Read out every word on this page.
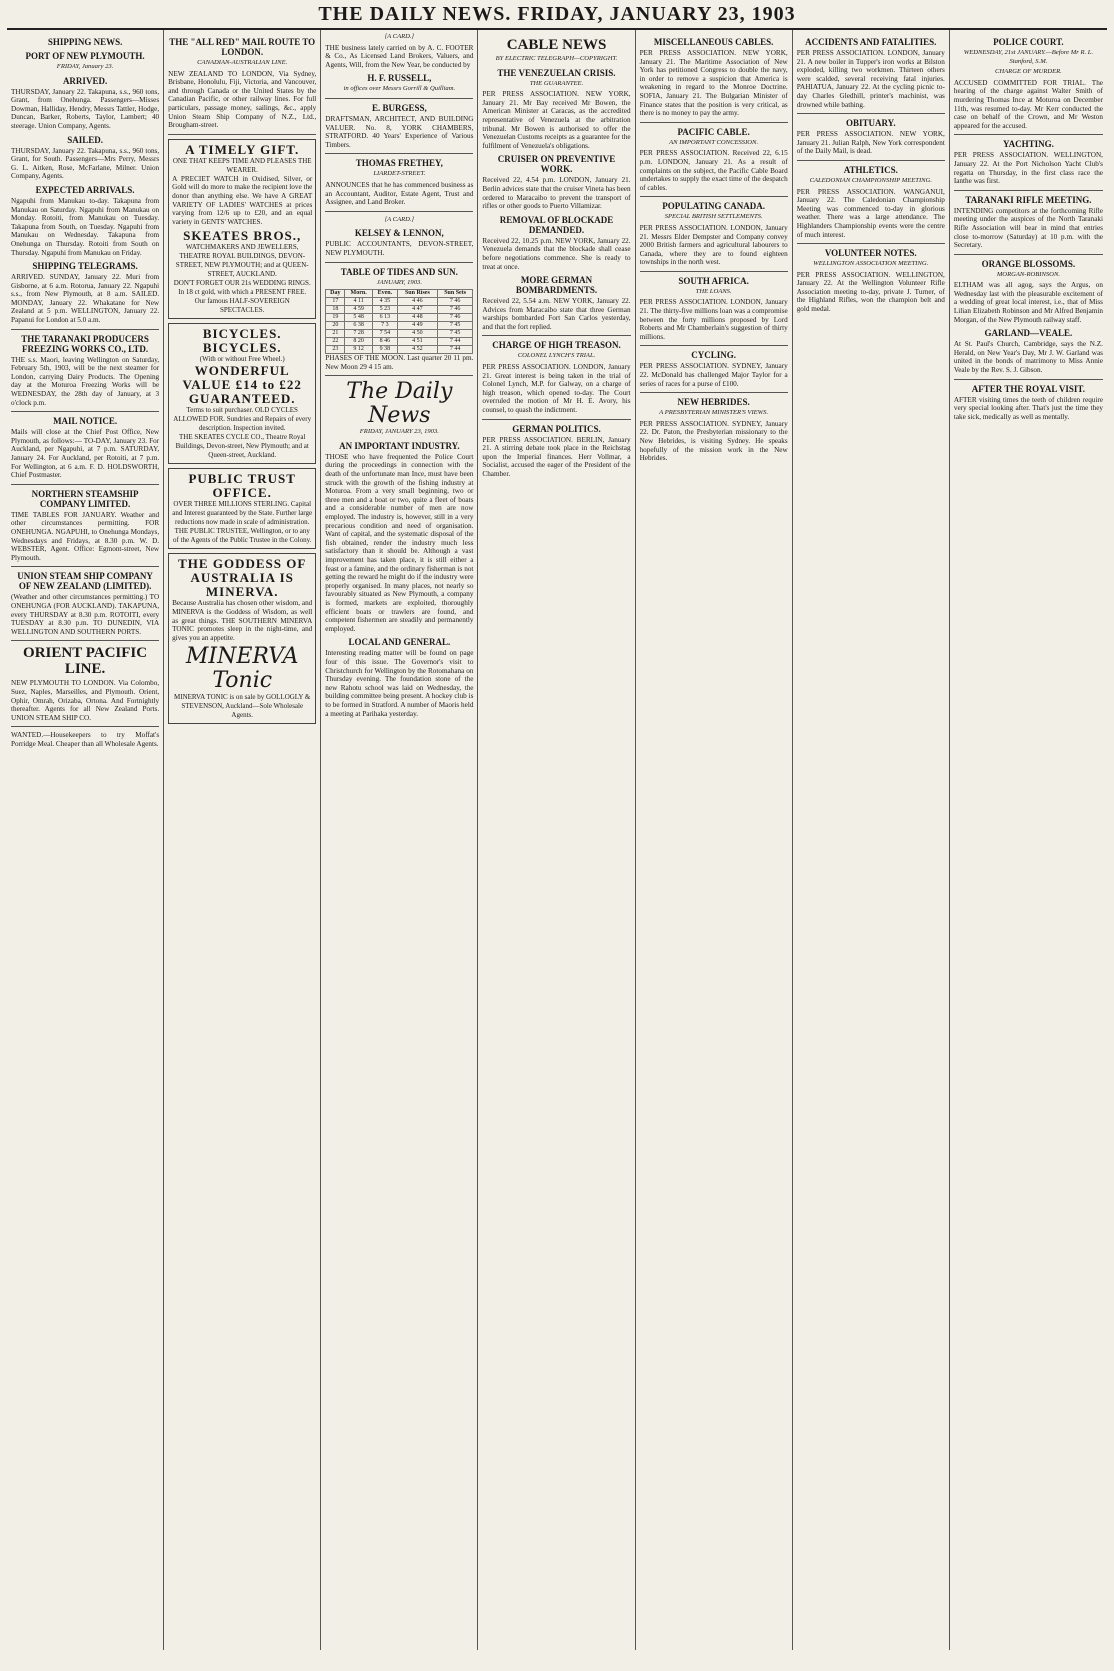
THE DAILY NEWS. FRIDAY, JANUARY 23, 1903
SHIPPING NEWS.
PORT OF NEW PLYMOUTH.
FRIDAY, January 23.
ARRIVED.

THURSDAY, January 22. Takapuna, s.s., 960 tons, Grant, from Onehunga. Passengers—Misses Dowman, Halliday, Hendry, Messrs Tattler, Hodge, Duncan, Barker, Roberts, Taylor, Lambert; 40 steerage. Union Company, Agents.

SAILED.

THURSDAY, January 22. Takapuna, s.s., 960 tons, Grant, for South. Passengers—Mrs Perry, Messrs G. L. Aitken, Rose, McFarlane, Milner. Union Company, Agents.

EXPECTED ARRIVALS.

Ngapuhi from Manukau to-day. Takapuna from Manukau on Saturday. Ngapuhi from Manukau on Monday. Rotoiti, from Manukau on Tuesday. Takapuna from South, on Tuesday. Ngapuhi from Manukau on Wednesday. Takapuna from Onehunga on Thursday. Rotoiti from South on Thursday. Ngapuhi from Manukau on Friday.

SHIPPING TELEGRAMS.

ARRIVED. SUNDAY, January 22. Muri from Gisborne, at 6 a.m. Rotorua, January 22. Ngapuhi s.s., from New Plymouth, at 8 a.m. SAILED. MONDAY, January 22. Whakatane for New Zealand at 5 p.m. WELLINGTON, January 22. Papanui for London at 5.0 a.m.

THE TARANAKI PRODUCERS FREEZING WORKS CO., LTD.

THE s.s. Maori, leaving Wellington on Saturday, February 5th, 1903, will be the next steamer for London, carrying Dairy Products. The Opening day at the Moturoa Freezing Works will be WEDNESDAY, the 28th day of January, at 3 o'clock p.m.

MAIL NOTICE.

Mails will close at the Chief Post Office, New Plymouth, as follows:— TO-DAY, January 23. For Auckland, per Ngapuhi, at 7 p.m. SATURDAY, January 24. For Auckland, per Rotoiti, at 7 p.m. For Wellington, at 6 a.m. F. D. HOLDSWORTH, Chief Postmaster.

NORTHERN STEAMSHIP COMPANY LIMITED.

TIME TABLES FOR JANUARY. Weather and other circumstances permitting. FOR ONEHUNGA. NGAPUHI, to Onehunga Mondays, Wednesdays and Fridays, at 8.30 p.m. W. D. WEBSTER, Agent. Office: Egmont-street, New Plymouth.

UNION STEAM SHIP COMPANY OF NEW ZEALAND (LIMITED).

(Weather and other circumstances permitting.) TO ONEHUNGA (FOR AUCKLAND). TAKAPUNA, every THURSDAY at 8.30 p.m. ROTOITI, every TUESDAY at 8.30 p.m. TO DUNEDIN, VIA WELLINGTON AND SOUTHERN PORTS.

ORIENT PACIFIC LINE.

NEW PLYMOUTH TO LONDON. Via Colombo, Suez, Naples, Marseilles, and Plymouth. Orient, Ophir, Omrah, Orizaba, Ortona. And Fortnightly thereafter. Agents for all New Zealand Ports. UNION STEAM SHIP CO.

WANTED.—Housekeepers to try Moffat's Porridge Meal. Cheaper than all Wholesale Agents.

THE "ALL RED" MAIL ROUTE TO LONDON.
CANADIAN-AUSTRALIAN LINE.

NEW ZEALAND TO LONDON, Via Sydney, Brisbane, Honolulu, Fiji, Victoria, and Vancouver, and through Canada or the United States by the Canadian Pacific, or other railway lines. For full particulars, passage money, sailings, &c., apply Union Steam Ship Company of N.Z., Ltd., Brougham-street.

A TIMELY GIFT.
ONE THAT KEEPS TIME AND PLEASES THE WEARER.

A PRECIET WATCH in Oxidised, Silver, or Gold will do more to make the recipient love the donor than anything else. We have A GREAT VARIETY OF LADIES' WATCHES at prices varying from 12/6 up to £20, and an equal variety in GENTS' WATCHES.

SKEATES BROS.,
WATCHMAKERS AND JEWELLERS,
THEATRE ROYAL BUILDINGS, DEVON-STREET, NEW PLYMOUTH; and at QUEEN-STREET, AUCKLAND.
DON'T FORGET OUR 21s WEDDING RINGS. In 18 ct gold, with which a PRESENT FREE. Our famous HALF-SOVEREIGN SPECTACLES.
BICYCLES. BICYCLES.
(With or without Free Wheel.)
WONDERFUL VALUE £14 to £22 GUARANTEED.
Terms to suit purchaser. OLD CYCLES ALLOWED FOR. Sundries and Repairs of every description. Inspection invited.
THE SKEATES CYCLE CO., Theatre Royal Buildings, Devon-street, New Plymouth; and at Queen-street, Auckland.
PUBLIC TRUST OFFICE.
OVER THREE MILLIONS STERLING. Capital and Interest guaranteed by the State. Further large reductions now made in scale of administration. THE PUBLIC TRUSTEE, Wellington, or to any of the Agents of the Public Trustee in the Colony.
THE GODDESS OF AUSTRALIA IS MINERVA.

Because Australia has chosen other wisdom, and MINERVA is the Goddess of Wisdom, as well as great things. THE SOUTHERN MINERVA TONIC promotes sleep in the night-time, and gives you an appetite.

MINERVA Tonic
MINERVA TONIC is on sale by GOLLOGLY & STEVENSON, Auckland—Sole Wholesale Agents.
[A CARD.]

THE business lately carried on by A. C. FOOTER & Co., As Licensed Land Brokers, Valuers, and Agents, Will, from the New Year, be conducted by

H. F. RUSSELL,
in offices over Messrs Gorrill & Quilliam.
E. BURGESS,

DRAFTSMAN, ARCHITECT, AND BUILDING VALUER. No. 8, YORK CHAMBERS, STRATFORD. 40 Years' Experience of Various Timbers.

THOMAS FRETHEY,
LIARDET-STREET.

ANNOUNCES that he has commenced business as an Accountant, Auditor, Estate Agent, Trust and Assignee, and Land Broker.

[A CARD.]
KELSEY & LENNON,

PUBLIC ACCOUNTANTS, DEVON-STREET, NEW PLYMOUTH.

TABLE OF TIDES AND SUN.
JANUARY, 1903.
Day	Morn.	Even.	Sun Rises	Sun Sets
17	4 11	4 35	4 46	7 46
18	4 59	5 23	4 47	7 46
19	5 48	6 13	4 48	7 46
20	6 38	7 3	4 49	7 45
21	7 28	7 54	4 50	7 45
22	8 20	8 46	4 51	7 44
23	9 12	9 38	4 52	7 44

PHASES OF THE MOON. Last quarter 20 11 pm. New Moon 29 4 15 am.

The Daily News
FRIDAY, JANUARY 23, 1903.
AN IMPORTANT INDUSTRY.

THOSE who have frequented the Police Court during the proceedings in connection with the death of the unfortunate man Ince, must have been struck with the growth of the fishing industry at Moturoa. From a very small beginning, two or three men and a boat or two, quite a fleet of boats and a considerable number of men are now employed. The industry is, however, still in a very precarious condition and need of organisation. Want of capital, and the systematic disposal of the fish obtained, render the industry much less satisfactory than it should be. Although a vast improvement has taken place, it is still either a feast or a famine, and the ordinary fisherman is not getting the reward he might do if the industry were properly organised. In many places, not nearly so favourably situated as New Plymouth, a company is formed, markets are exploited, thoroughly efficient boats or trawlers are found, and competent fishermen are steadily and permanently employed.

LOCAL AND GENERAL.

Interesting reading matter will be found on page four of this issue. The Governor's visit to Christchurch for Wellington by the Rotomahana on Thursday evening. The foundation stone of the new Rahotu school was laid on Wednesday, the building committee being present. A hockey club is to be formed in Stratford. A number of Maoris held a meeting at Parihaka yesterday.

CABLE NEWS
BY ELECTRIC TELEGRAPH—COPYRIGHT.
THE VENEZUELAN CRISIS.
THE GUARANTEE.

PER PRESS ASSOCIATION. NEW YORK, January 21. Mr Bay received Mr Bowen, the American Minister at Caracas, as the accredited representative of Venezuela at the arbitration tribunal. Mr Bowen is authorised to offer the Venezuelan Customs receipts as a guarantee for the fulfilment of Venezuela's obligations.

CRUISER ON PREVENTIVE WORK.

Received 22, 4.54 p.m. LONDON, January 21. Berlin advices state that the cruiser Vineta has been ordered to Maracaibo to prevent the transport of rifles or other goods to Puerto Villamizar.

REMOVAL OF BLOCKADE DEMANDED.

Received 22, 10.25 p.m. NEW YORK, January 22. Venezuela demands that the blockade shall cease before negotiations commence. She is ready to treat at once.

MORE GERMAN BOMBARDMENTS.

Received 22, 5.54 a.m. NEW YORK, January 22. Advices from Maracaibo state that three German warships bombarded Fort San Carlos yesterday, and that the fort replied.

CHARGE OF HIGH TREASON.
COLONEL LYNCH'S TRIAL.

PER PRESS ASSOCIATION. LONDON, January 21. Great interest is being taken in the trial of Colonel Lynch, M.P. for Galway, on a charge of high treason, which opened to-day. The Court overruled the motion of Mr H. E. Avory, his counsel, to quash the indictment.

GERMAN POLITICS.

PER PRESS ASSOCIATION. BERLIN, January 21. A stirring debate took place in the Reichstag upon the Imperial finances. Herr Vollmar, a Socialist, accused the eager of the President of the Chamber.

MISCELLANEOUS CABLES.

PER PRESS ASSOCIATION. NEW YORK, January 21. The Maritime Association of New York has petitioned Congress to double the navy, in order to remove a suspicion that America is weakening in regard to the Monroe Doctrine. SOFIA, January 21. The Bulgarian Minister of Finance states that the position is very critical, as there is no money to pay the army.

PACIFIC CABLE.
AN IMPORTANT CONCESSION.

PER PRESS ASSOCIATION. Received 22, 6.15 p.m. LONDON, January 21. As a result of complaints on the subject, the Pacific Cable Board undertakes to supply the exact time of the despatch of cables.

POPULATING CANADA.
SPECIAL BRITISH SETTLEMENTS.

PER PRESS ASSOCIATION. LONDON, January 21. Messrs Elder Dempster and Company convey 2000 British farmers and agricultural labourers to Canada, where they are to found eighteen townships in the north west.

SOUTH AFRICA.
THE LOANS.

PER PRESS ASSOCIATION. LONDON, January 21. The thirty-five millions loan was a compromise between the forty millions proposed by Lord Roberts and Mr Chamberlain's suggestion of thirty millions.

CYCLING.

PER PRESS ASSOCIATION. SYDNEY, January 22. McDonald has challenged Major Taylor for a series of races for a purse of £100.

NEW HEBRIDES.
A PRESBYTERIAN MINISTER'S VIEWS.

PER PRESS ASSOCIATION. SYDNEY, January 22. Dr. Paton, the Presbyterian missionary to the New Hebrides, is visiting Sydney. He speaks hopefully of the mission work in the New Hebrides.

ACCIDENTS AND FATALITIES.

PER PRESS ASSOCIATION. LONDON, January 21. A new boiler in Tupper's iron works at Bilston exploded, killing two workmen. Thirteen others were scalded, several receiving fatal injuries. PAHIATUA, January 22. At the cycling picnic to-day Charles Gledhill, printer's machinist, was drowned while bathing.

OBITUARY.

PER PRESS ASSOCIATION. NEW YORK, January 21. Julian Ralph, New York correspondent of the Daily Mail, is dead.

ATHLETICS.
CALEDONIAN CHAMPIONSHIP MEETING.

PER PRESS ASSOCIATION. WANGANUI, January 22. The Caledonian Championship Meeting was commenced to-day in glorious weather. There was a large attendance. The Highlanders Championship events were the centre of much interest.

VOLUNTEER NOTES.
WELLINGTON ASSOCIATION MEETING.

PER PRESS ASSOCIATION. WELLINGTON, January 22. At the Wellington Volunteer Rifle Association meeting to-day, private J. Turner, of the Highland Rifles, won the champion belt and gold medal.

POLICE COURT.
WEDNESDAY, 21st JANUARY.—Before Mr R. L. Stanford, S.M.
CHARGE OF MURDER.

ACCUSED COMMITTED FOR TRIAL. The hearing of the charge against Walter Smith of murdering Thomas Ince at Moturoa on December 11th, was resumed to-day. Mr Kerr conducted the case on behalf of the Crown, and Mr Weston appeared for the accused.

YACHTING.

PER PRESS ASSOCIATION. WELLINGTON, January 22. At the Port Nicholson Yacht Club's regatta on Thursday, in the first class race the Ianthe was first.

TARANAKI RIFLE MEETING.

INTENDING competitors at the forthcoming Rifle meeting under the auspices of the North Taranaki Rifle Association will bear in mind that entries close to-morrow (Saturday) at 10 p.m. with the Secretary.

ORANGE BLOSSOMS.
MORGAN-ROBINSON.

ELTHAM was all agog, says the Argus, on Wednesday last with the pleasurable excitement of a wedding of great local interest, i.e., that of Miss Lilian Elizabeth Robinson and Mr Alfred Benjamin Morgan, of the New Plymouth railway staff.

GARLAND—VEALE.

At St. Paul's Church, Cambridge, says the N.Z. Herald, on New Year's Day, Mr J. W. Garland was united in the bonds of matrimony to Miss Annie Veale by the Rev. S. J. Gibson.

AFTER THE ROYAL VISIT.

AFTER visiting times the teeth of children require very special looking after. That's just the time they take sick, medically as well as mentally.
